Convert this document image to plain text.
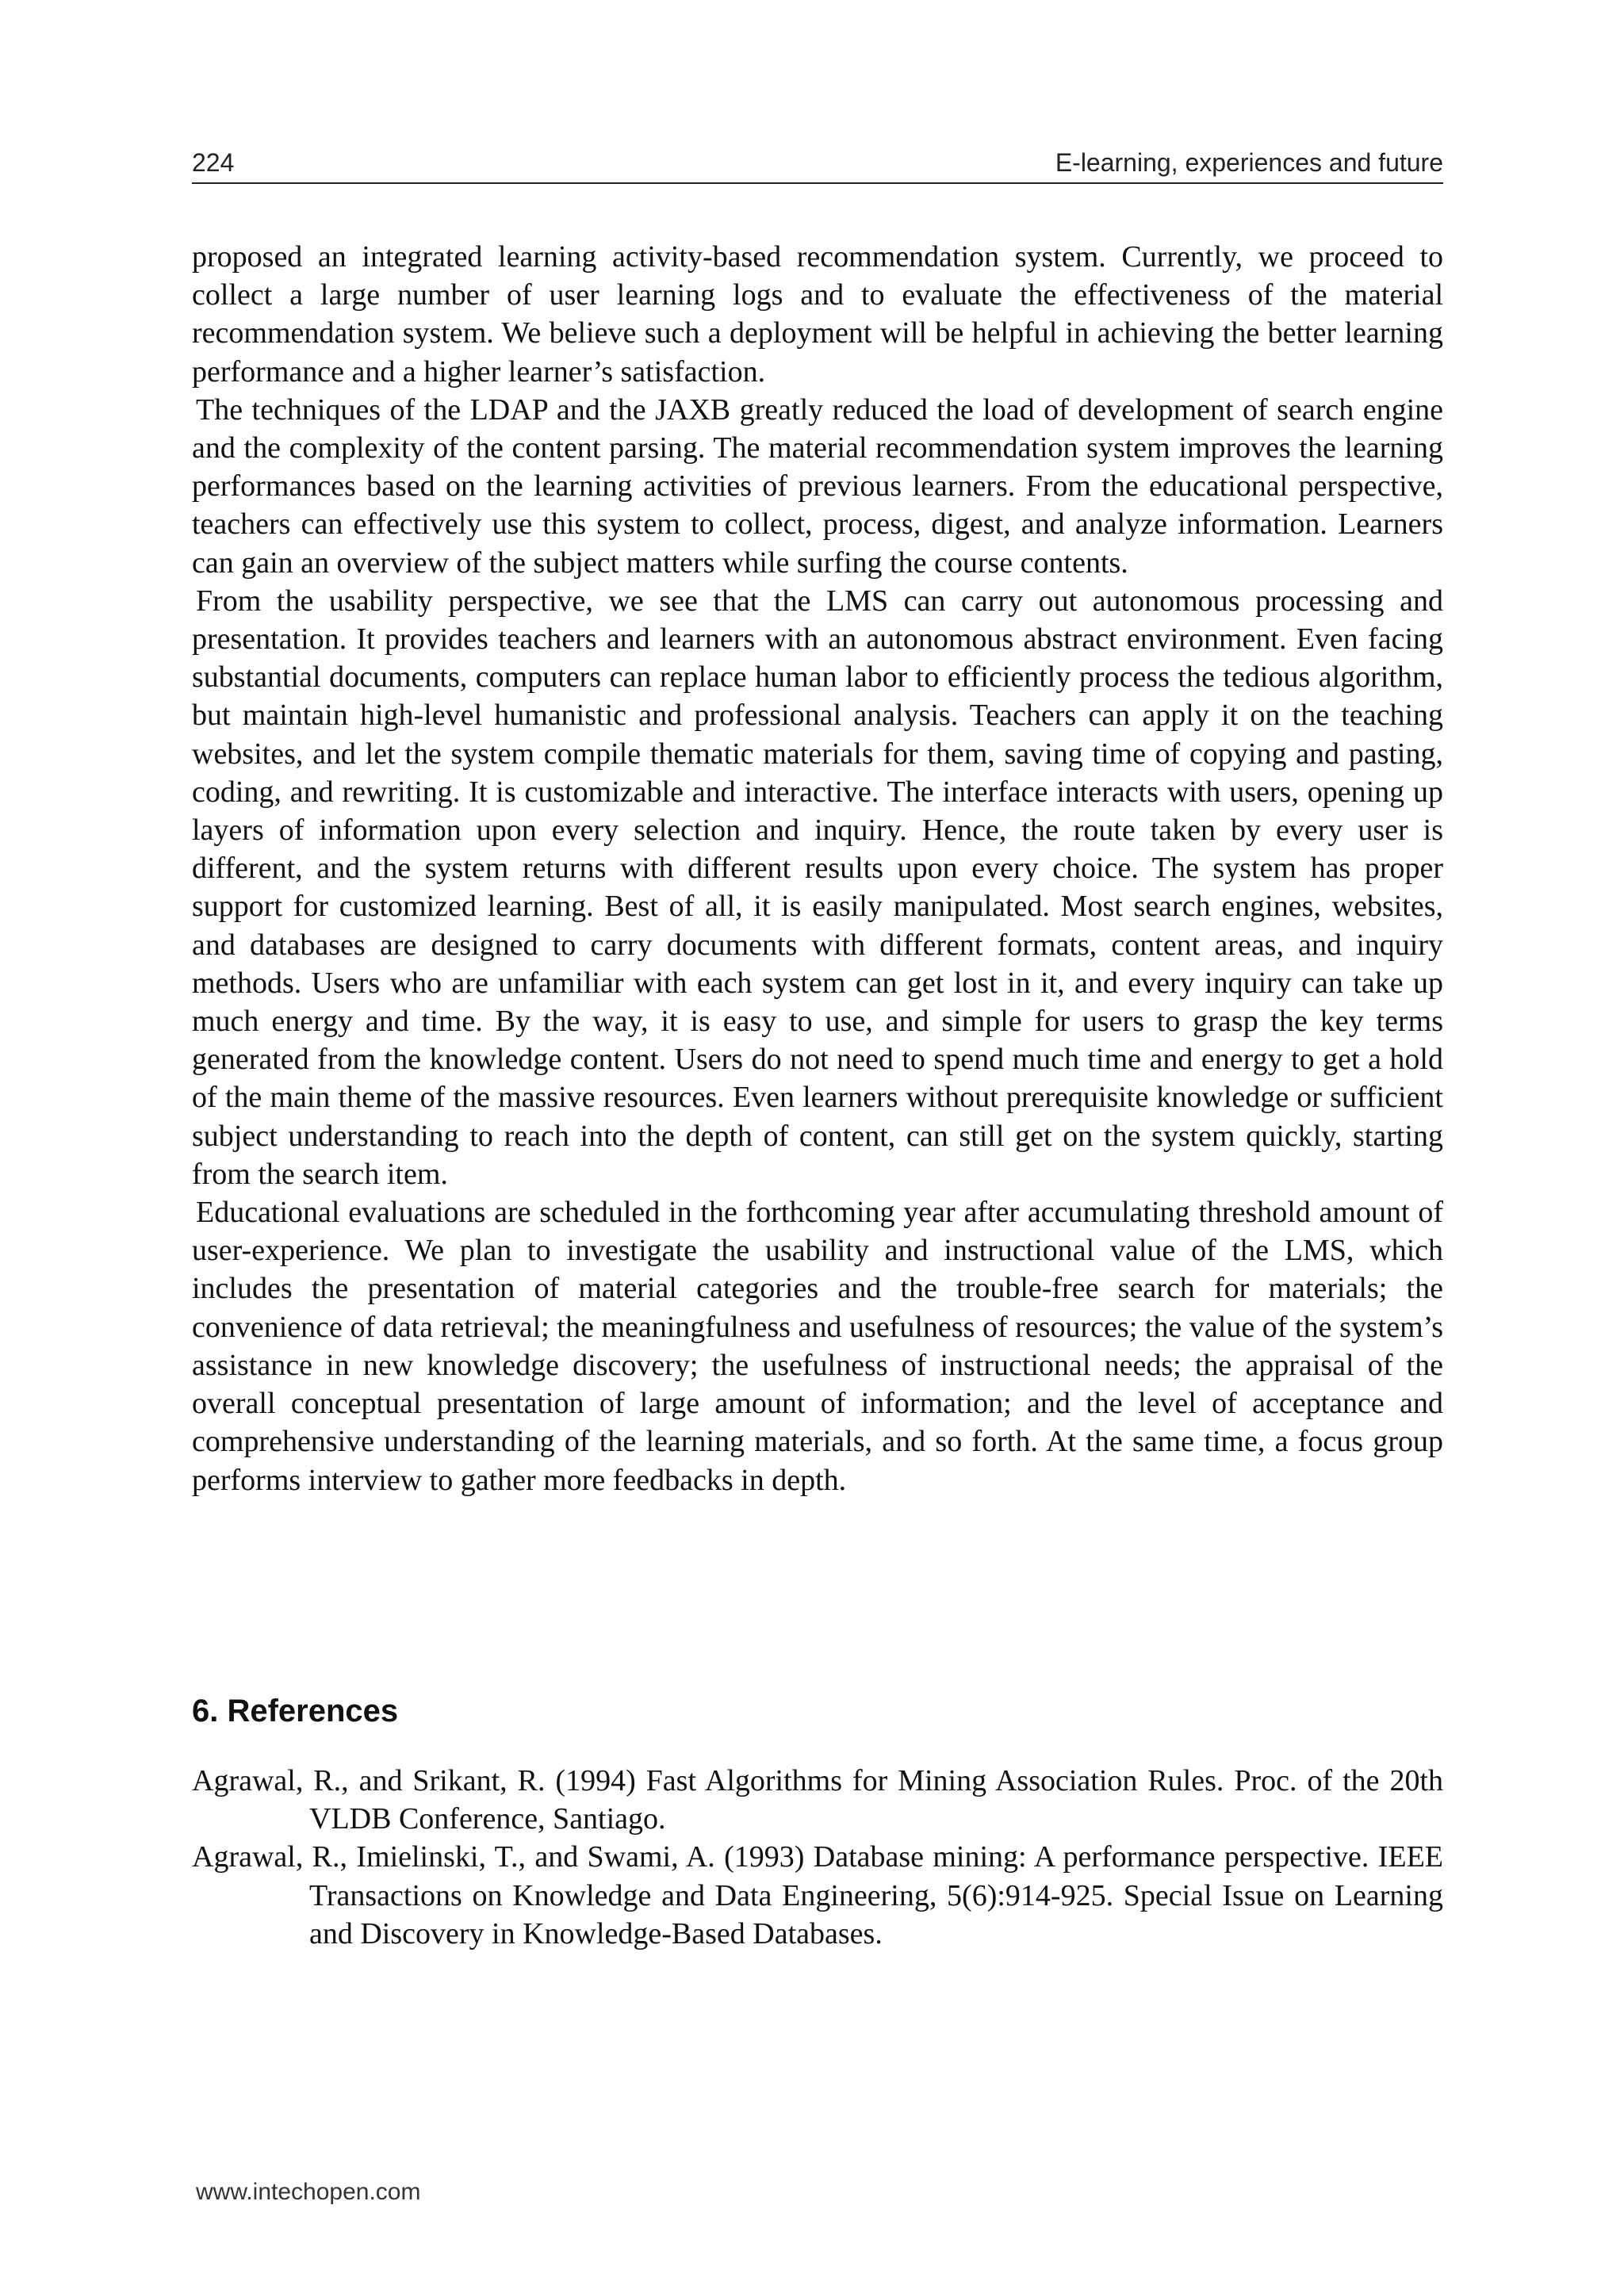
224	E-learning, experiences and future

proposed an integrated learning activity-based recommendation system. Currently, we proceed to collect a large number of user learning logs and to evaluate the effectiveness of the material recommendation system. We believe such a deployment will be helpful in achieving the better learning performance and a higher learner’s satisfaction.

The techniques of the LDAP and the JAXB greatly reduced the load of development of search engine and the complexity of the content parsing. The material recommendation system improves the learning performances based on the learning activities of previous learners. From the educational perspective, teachers can effectively use this system to collect, process, digest, and analyze information. Learners can gain an overview of the subject matters while surfing the course contents.

From the usability perspective, we see that the LMS can carry out autonomous processing and presentation. It provides teachers and learners with an autonomous abstract environment. Even facing substantial documents, computers can replace human labor to efficiently process the tedious algorithm, but maintain high-level humanistic and professional analysis. Teachers can apply it on the teaching websites, and let the system compile thematic materials for them, saving time of copying and pasting, coding, and rewriting. It is customizable and interactive. The interface interacts with users, opening up layers of information upon every selection and inquiry. Hence, the route taken by every user is different, and the system returns with different results upon every choice. The system has proper support for customized learning. Best of all, it is easily manipulated. Most search engines, websites, and databases are designed to carry documents with different formats, content areas, and inquiry methods. Users who are unfamiliar with each system can get lost in it, and every inquiry can take up much energy and time. By the way, it is easy to use, and simple for users to grasp the key terms generated from the knowledge content. Users do not need to spend much time and energy to get a hold of the main theme of the massive resources. Even learners without prerequisite knowledge or sufficient subject understanding to reach into the depth of content, can still get on the system quickly, starting from the search item.

Educational evaluations are scheduled in the forthcoming year after accumulating threshold amount of user-experience. We plan to investigate the usability and instructional value of the LMS, which includes the presentation of material categories and the trouble-free search for materials; the convenience of data retrieval; the meaningfulness and usefulness of resources; the value of the system’s assistance in new knowledge discovery; the usefulness of instructional needs; the appraisal of the overall conceptual presentation of large amount of information; and the level of acceptance and comprehensive understanding of the learning materials, and so forth. At the same time, a focus group performs interview to gather more feedbacks in depth.

6. References

Agrawal, R., and Srikant, R. (1994) Fast Algorithms for Mining Association Rules. Proc. of the 20th VLDB Conference, Santiago.

Agrawal, R., Imielinski, T., and Swami, A. (1993) Database mining: A performance perspective. IEEE Transactions on Knowledge and Data Engineering, 5(6):914-925. Special Issue on Learning and Discovery in Knowledge-Based Databases.

www.intechopen.com
